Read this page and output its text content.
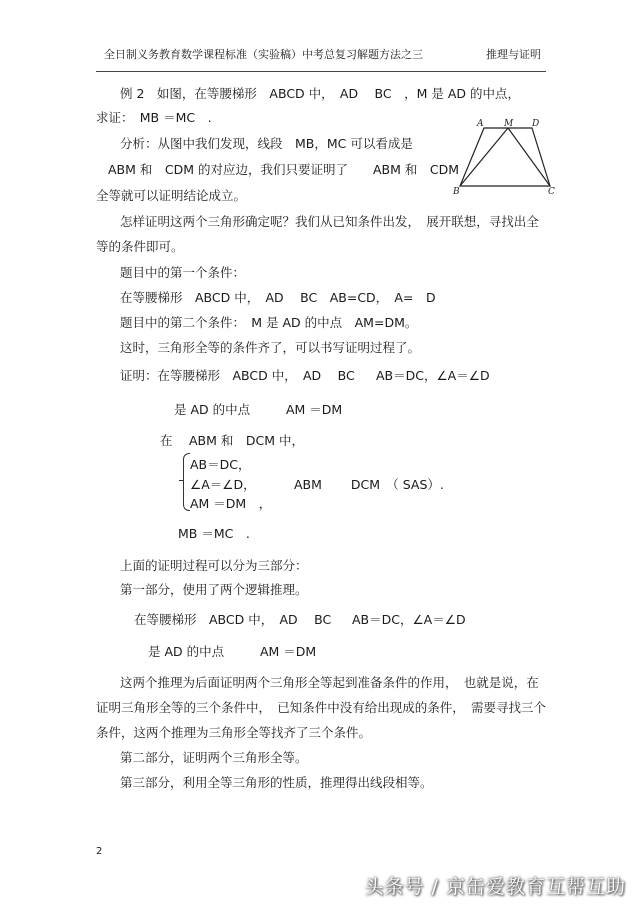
全日制义务教育数学课程标准（实验稿）中考总复习解题方法之三	推理与证明
例 2　如图，在等腰梯形　ABCD 中，　AD　 BC　，M 是 AD 的中点，
求证：　MB ＝MC　.
分析：从图中我们发现，线段　MB，MC 可以看成是
ABM 和　CDM 的对应边，我们只要证明了　　ABM 和　CDM
全等就可以证明结论成立。
A M D
B	C
怎样证明这两个三角形确定呢？我们从已知条件出发，　展开联想，寻找出全
等的条件即可。
题目中的第一个条件：
在等腰梯形　ABCD 中，　AD　 BC　AB=CD，　A=　D
题目中的第二个条件：　M 是 AD 的中点　AM=DM。
这时，三角形全等的条件齐了，可以书写证明过程了。
证明：在等腰梯形　ABCD 中，　AD　 BC AB＝DC，∠A＝∠D
是 AD 的中点	AM ＝DM
在　 ABM 和　DCM 中，
AB＝DC，
∠A＝∠D，
AM ＝DM　，
ABM　　 DCM　（ SAS）.
MB ＝MC　.
上面的证明过程可以分为三部分：
第一部分，使用了两个逻辑推理。
在等腰梯形　ABCD 中，　AD　 BC AB＝DC，∠A＝∠D
是 AD 的中点	AM ＝DM
这两个推理为后面证明两个三角形全等起到准备条件的作用，　也就是说，在
证明三角形全等的三个条件中，　已知条件中没有给出现成的条件，　需要寻找三个
条件，这两个推理为三角形全等找齐了三个条件。
第二部分，证明两个三角形全等。
第三部分，利用全等三角形的性质，推理得出线段相等。
2
头条号 / 京缶爱教育互帮互助
